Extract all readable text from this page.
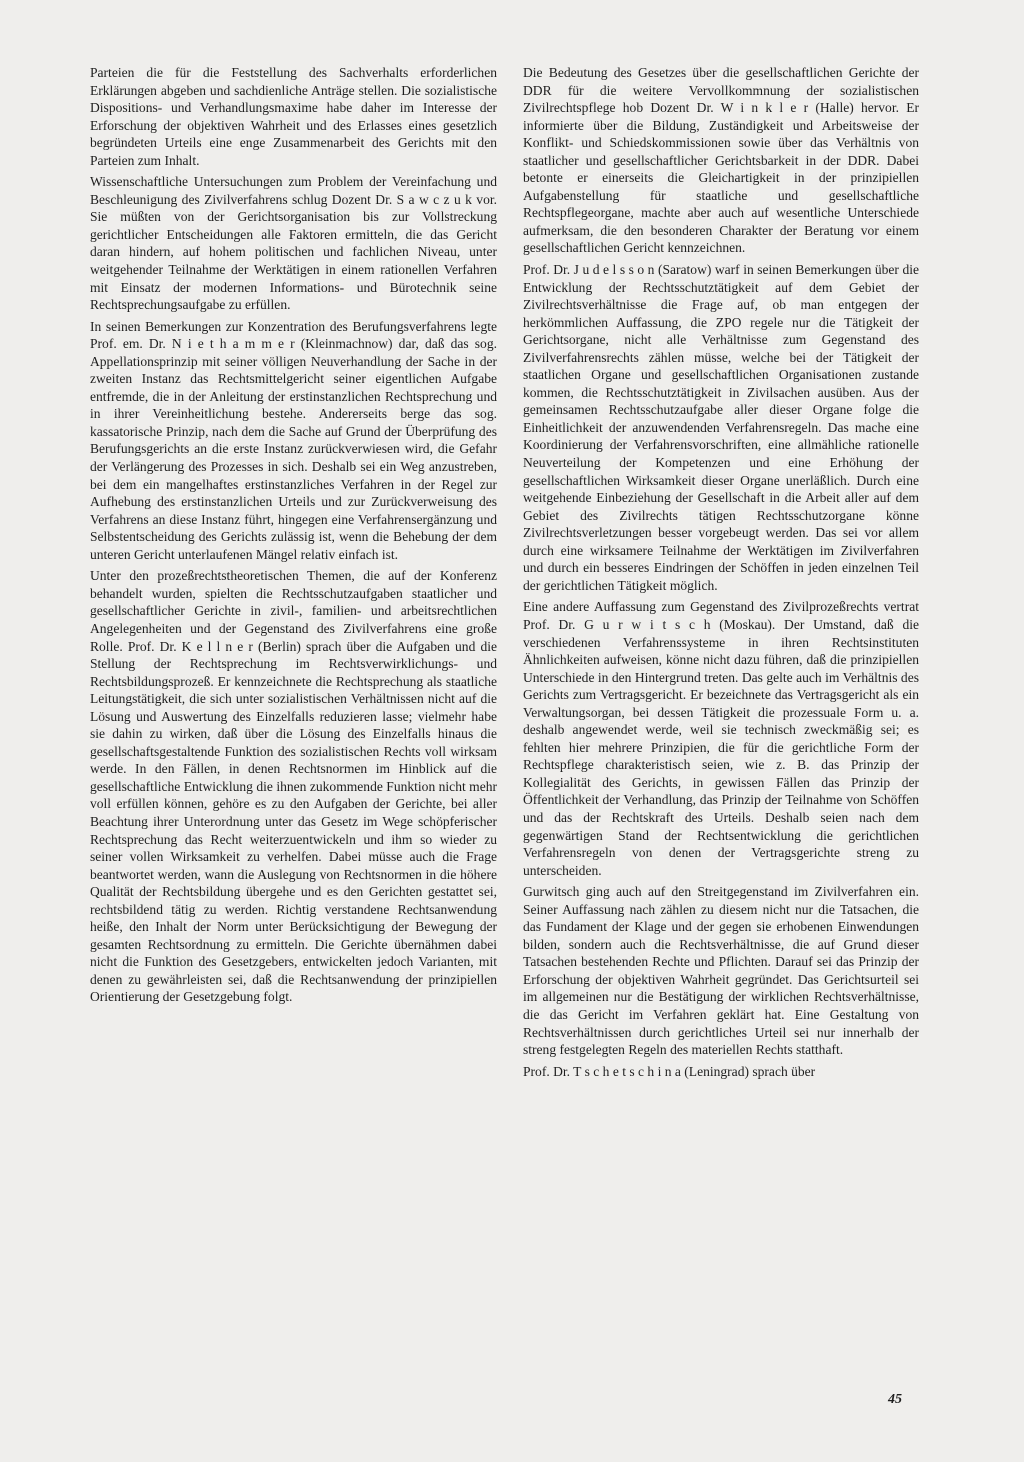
Parteien die für die Feststellung des Sachverhalts erforderlichen Erklärungen abgeben und sachdienliche Anträge stellen. Die sozialistische Dispositions- und Verhandlungsmaxime habe daher im Interesse der Erforschung der objektiven Wahrheit und des Erlasses eines gesetzlich begründeten Urteils eine enge Zusammenarbeit des Gerichts mit den Parteien zum Inhalt.

Wissenschaftliche Untersuchungen zum Problem der Vereinfachung und Beschleunigung des Zivilverfahrens schlug Dozent Dr. S a w c z u k vor. Sie müßten von der Gerichtsorganisation bis zur Vollstreckung gerichtlicher Entscheidungen alle Faktoren ermitteln, die das Gericht daran hindern, auf hohem politischen und fachlichen Niveau, unter weitgehender Teilnahme der Werktätigen in einem rationellen Verfahren mit Einsatz der modernen Informations- und Bürotechnik seine Rechtsprechungsaufgabe zu erfüllen.

In seinen Bemerkungen zur Konzentration des Berufungsverfahrens legte Prof. em. Dr. N i e t h a m m e r (Kleinmachnow) dar, daß das sog. Appellationsprinzip mit seiner völligen Neuverhandlung der Sache in der zweiten Instanz das Rechtsmittelgericht seiner eigentlichen Aufgabe entfremde, die in der Anleitung der erstinstanzlichen Rechtsprechung und in ihrer Vereinheitlichung bestehe. Andererseits berge das sog. kassatorische Prinzip, nach dem die Sache auf Grund der Überprüfung des Berufungsgerichts an die erste Instanz zurückverwiesen wird, die Gefahr der Verlängerung des Prozesses in sich. Deshalb sei ein Weg anzustreben, bei dem ein mangelhaftes erstinstanzliches Verfahren in der Regel zur Aufhebung des erstinstanzlichen Urteils und zur Zurückverweisung des Verfahrens an diese Instanz führt, hingegen eine Verfahrensergänzung und Selbstentscheidung des Gerichts zulässig ist, wenn die Behebung der dem unteren Gericht unterlaufenen Mängel relativ einfach ist.

Unter den prozeßrechtstheoretischen Themen, die auf der Konferenz behandelt wurden, spielten die Rechtsschutzaufgaben staatlicher und gesellschaftlicher Gerichte in zivil-, familien- und arbeitsrechtlichen Angelegenheiten und der Gegenstand des Zivilverfahrens eine große Rolle. Prof. Dr. K e l l n e r (Berlin) sprach über die Aufgaben und die Stellung der Rechtsprechung im Rechtsverwirklichungs- und Rechtsbildungsprozeß. Er kennzeichnete die Rechtsprechung als staatliche Leitungstätigkeit, die sich unter sozialistischen Verhältnissen nicht auf die Lösung und Auswertung des Einzelfalls reduzieren lasse; vielmehr habe sie dahin zu wirken, daß über die Lösung des Einzelfalls hinaus die gesellschaftsgestaltende Funktion des sozialistischen Rechts voll wirksam werde. In den Fällen, in denen Rechtsnormen im Hinblick auf die gesellschaftliche Entwicklung die ihnen zukommende Funktion nicht mehr voll erfüllen können, gehöre es zu den Aufgaben der Gerichte, bei aller Beachtung ihrer Unterordnung unter das Gesetz im Wege schöpferischer Rechtsprechung das Recht weiterzuentwickeln und ihm so wieder zu seiner vollen Wirksamkeit zu verhelfen. Dabei müsse auch die Frage beantwortet werden, wann die Auslegung von Rechtsnormen in die höhere Qualität der Rechtsbildung übergehe und es den Gerichten gestattet sei, rechtsbildend tätig zu werden. Richtig verstandene Rechtsanwendung heiße, den Inhalt der Norm unter Berücksichtigung der Bewegung der gesamten Rechtsordnung zu ermitteln. Die Gerichte übernähmen dabei nicht die Funktion des Gesetzgebers, entwickelten jedoch Varianten, mit denen zu gewährleisten sei, daß die Rechtsanwendung der prinzipiellen Orientierung der Gesetzgebung folgt.

Die Bedeutung des Gesetzes über die gesellschaftlichen Gerichte der DDR für die weitere Vervollkommnung der sozialistischen Zivilrechtspflege hob Dozent Dr. W i n k l e r (Halle) hervor. Er informierte über die Bildung, Zuständigkeit und Arbeitsweise der Konflikt- und Schiedskommissionen sowie über das Verhältnis von staatlicher und gesellschaftlicher Gerichtsbarkeit in der DDR. Dabei betonte er einerseits die Gleichartigkeit in der prinzipiellen Aufgabenstellung für staatliche und gesellschaftliche Rechtspflegeorgane, machte aber auch auf wesentliche Unterschiede aufmerksam, die den besonderen Charakter der Beratung vor einem gesellschaftlichen Gericht kennzeichnen.

Prof. Dr. J u d e l s s o n (Saratow) warf in seinen Bemerkungen über die Entwicklung der Rechtsschutztätigkeit auf dem Gebiet der Zivilrechtsverhältnisse die Frage auf, ob man entgegen der herkömmlichen Auffassung, die ZPO regele nur die Tätigkeit der Gerichtsorgane, nicht alle Verhältnisse zum Gegenstand des Zivilverfahrensrechts zählen müsse, welche bei der Tätigkeit der staatlichen Organe und gesellschaftlichen Organisationen zustande kommen, die Rechtsschutztätigkeit in Zivilsachen ausüben. Aus der gemeinsamen Rechtsschutzaufgabe aller dieser Organe folge die Einheitlichkeit der anzuwendenden Verfahrensregeln. Das mache eine Koordinierung der Verfahrensvorschriften, eine allmähliche rationelle Neuverteilung der Kompetenzen und eine Erhöhung der gesellschaftlichen Wirksamkeit dieser Organe unerläßlich. Durch eine weitgehende Einbeziehung der Gesellschaft in die Arbeit aller auf dem Gebiet des Zivilrechts tätigen Rechtsschutzorgane könne Zivilrechtsverletzungen besser vorgebeugt werden. Das sei vor allem durch eine wirksamere Teilnahme der Werktätigen im Zivilverfahren und durch ein besseres Eindringen der Schöffen in jeden einzelnen Teil der gerichtlichen Tätigkeit möglich.

Eine andere Auffassung zum Gegenstand des Zivilprozeßrechts vertrat Prof. Dr. G u r w i t s c h (Moskau). Der Umstand, daß die verschiedenen Verfahrenssysteme in ihren Rechtsinstituten Ähnlichkeiten aufweisen, könne nicht dazu führen, daß die prinzipiellen Unterschiede in den Hintergrund treten. Das gelte auch im Verhältnis des Gerichts zum Vertragsgericht. Er bezeichnete das Vertragsgericht als ein Verwaltungsorgan, bei dessen Tätigkeit die prozessuale Form u. a. deshalb angewendet werde, weil sie technisch zweckmäßig sei; es fehlten hier mehrere Prinzipien, die für die gerichtliche Form der Rechtspflege charakteristisch seien, wie z. B. das Prinzip der Kollegialität des Gerichts, in gewissen Fällen das Prinzip der Öffentlichkeit der Verhandlung, das Prinzip der Teilnahme von Schöffen und das der Rechtskraft des Urteils. Deshalb seien nach dem gegenwärtigen Stand der Rechtsentwicklung die gerichtlichen Verfahrensregeln von denen der Vertragsgerichte streng zu unterscheiden.

Gurwitsch ging auch auf den Streitgegenstand im Zivilverfahren ein. Seiner Auffassung nach zählen zu diesem nicht nur die Tatsachen, die das Fundament der Klage und der gegen sie erhobenen Einwendungen bilden, sondern auch die Rechtsverhältnisse, die auf Grund dieser Tatsachen bestehenden Rechte und Pflichten. Darauf sei das Prinzip der Erforschung der objektiven Wahrheit gegründet. Das Gerichtsurteil sei im allgemeinen nur die Bestätigung der wirklichen Rechtsverhältnisse, die das Gericht im Verfahren geklärt hat. Eine Gestaltung von Rechtsverhältnissen durch gerichtliches Urteil sei nur innerhalb der streng festgelegten Regeln des materiellen Rechts statthaft.

Prof. Dr. T s c h e t s c h i n a (Leningrad) sprach über

45
